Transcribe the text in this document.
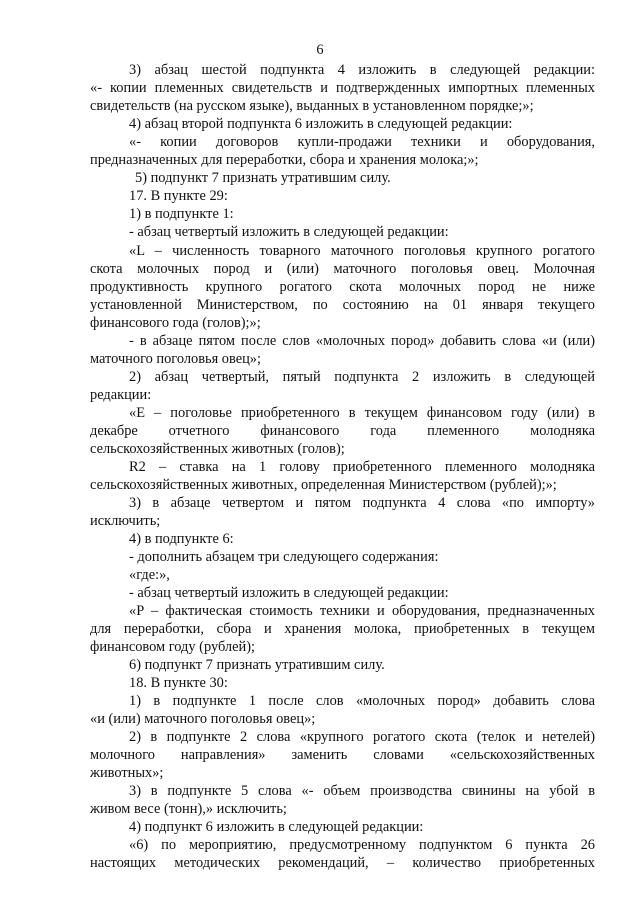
6
3) абзац шестой подпункта 4 изложить в следующей редакции:
«- копии племенных свидетельств и подтвержденных импортных племенных
свидетельств (на русском языке), выданных в установленном порядке;»;
4) абзац второй подпункта 6 изложить в следующей редакции:
«- копии договоров купли-продажи техники и оборудования,
предназначенных для переработки, сбора и хранения молока;»;
5) подпункт 7 признать утратившим силу.
17. В пункте 29:
1) в подпункте 1:
- абзац четвертый изложить в следующей редакции:
«L – численность товарного маточного поголовья крупного рогатого
скота молочных пород и (или) маточного поголовья овец. Молочная
продуктивность крупного рогатого скота молочных пород не ниже
установленной Министерством, по состоянию на 01 января текущего
финансового года (голов);»;
- в абзаце пятом после слов «молочных пород» добавить слова «и (или)
маточного поголовья овец»;
2) абзац четвертый, пятый подпункта 2 изложить в следующей
редакции:
«E – поголовье приобретенного в текущем финансовом году (или) в
декабре отчетного финансового года племенного молодняка
сельскохозяйственных животных (голов);
R2 – ставка на 1 голову приобретенного племенного молодняка
сельскохозяйственных животных, определенная Министерством (рублей);»;
3) в абзаце четвертом и пятом подпункта 4 слова «по импорту»
исключить;
4) в подпункте 6:
- дополнить абзацем три следующего содержания:
«где:»,
- абзац четвертый изложить в следующей редакции:
«P – фактическая стоимость техники и оборудования, предназначенных
для переработки, сбора и хранения молока, приобретенных в текущем
финансовом году (рублей);
6) подпункт 7 признать утратившим силу.
18. В пункте 30:
1) в подпункте 1 после слов «молочных пород» добавить слова
«и (или) маточного поголовья овец»;
2) в подпункте 2 слова «крупного рогатого скота (телок и нетелей)
молочного направления» заменить словами «сельскохозяйственных
животных»;
3) в подпункте 5 слова «- объем производства свинины на убой в
живом весе (тонн),» исключить;
4) подпункт 6 изложить в следующей редакции:
«6) по мероприятию, предусмотренному подпунктом 6 пункта 26
настоящих методических рекомендаций, – количество приобретенных
